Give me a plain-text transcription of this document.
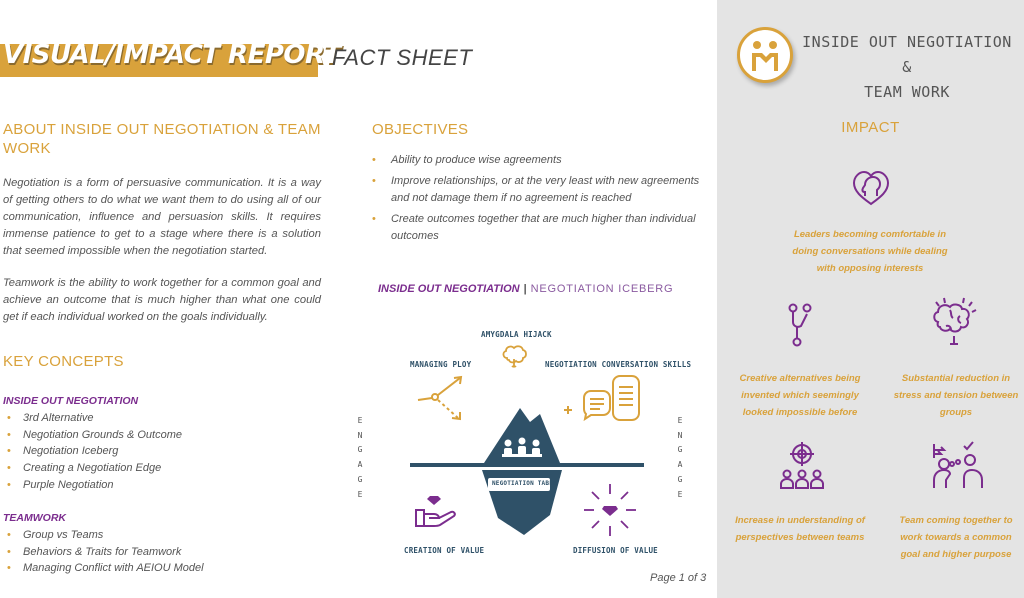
VISUAL/IMPACT REPORT
FACT SHEET
ABOUT INSIDE OUT NEGOTIATION & TEAM
WORK
Negotiation is a form of persuasive communication. It is a way of getting others to do what we want them to do using all of our communication, influence and persuasion skills. It requires immense patience to get to a stage where there is a solution that seemed impossible when the negotiation started.
Teamwork is the ability to work together for a common goal and achieve an outcome that is much higher than what one could get if each individual worked on the goals individually.
KEY CONCEPTS
INSIDE OUT NEGOTIATION
• 3rd Alternative
• Negotiation Grounds & Outcome
• Negotiation Iceberg
• Creating a Negotiation Edge
• Purple Negotiation
TEAMWORK
• Group vs Teams
• Behaviors & Traits for Teamwork
• Managing Conflict with AEIOU Model
OBJECTIVES
• Ability to produce wise agreements
• Improve relationships, or at the very least with new agreements and not damage them if no agreement is reached
• Create outcomes together that are much higher than individual outcomes
INSIDE OUT NEGOTIATION | NEGOTIATION ICEBERG
AMYGDALA HIJACK
MANAGING PLOY	NEGOTIATION CONVERSATION SKILLS
NEGOTIATION TABLE
CREATION OF VALUE	DIFFUSION OF VALUE
E
N
G
A
G
E
E
N
G
A
G
E
Page 1 of 3
INSIDE OUT NEGOTIATION &
TEAM WORK
IMPACT
Leaders becoming comfortable in
doing conversations while dealing
with opposing interests
Creative alternatives being
invented which seemingly
looked impossible before
Substantial reduction in
stress and tension between
groups
Increase in understanding of
perspectives between teams
Team coming together to
work towards a common
goal and higher purpose
